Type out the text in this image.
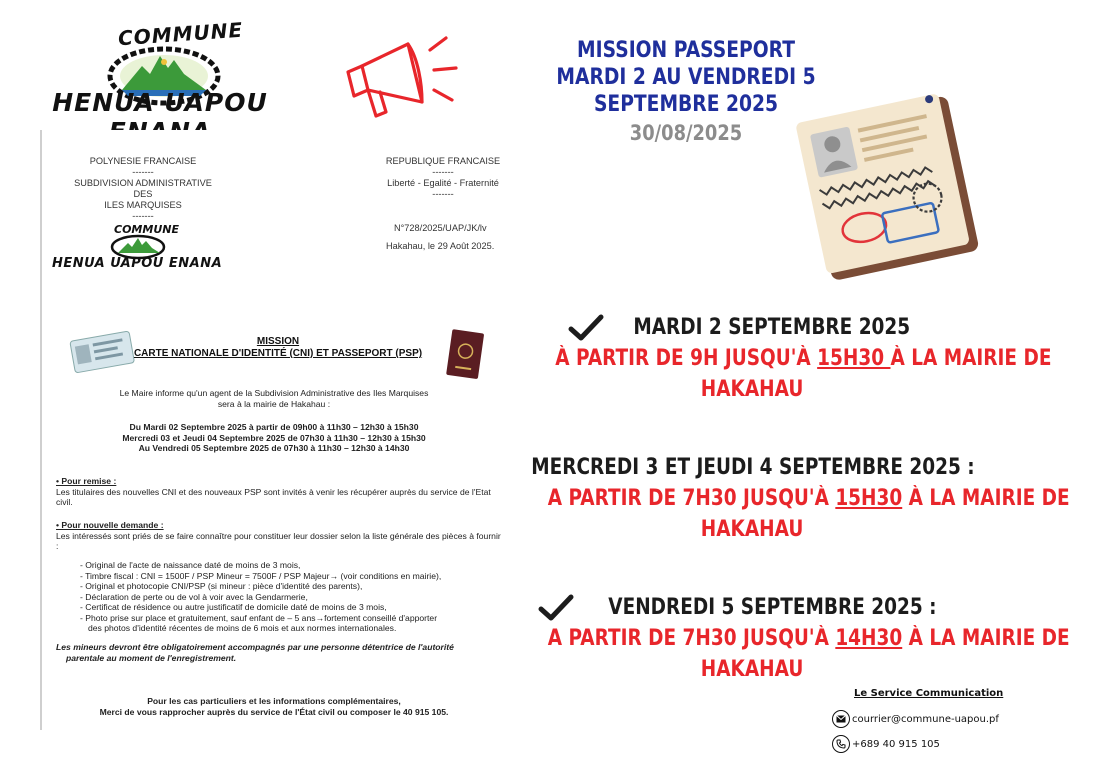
COMMUNE
HENUA UAPOU
MISSION PASSEPORT
MARDI 2 AU VENDREDI 5 SEPTEMBRE 2025
30/08/2025
POLYNESIE FRANCAISE
-------
SUBDIVISION ADMINISTRATIVE
DES
ILES MARQUISES
-------
REPUBLIQUE FRANCAISE
-------
Liberté - Egalité - Fraternité
-------
N°728/2025/UAP/JK/lv
Hakahau, le 29 Août 2025.
COMMUNE
HENUA UAPOU ENANA
MISSION
CARTE NATIONALE D'IDENTITÉ (CNI) ET PASSEPORT (PSP)
Le Maire informe qu'un agent de la Subdivision Administrative des Iles Marquises
sera à la mairie de Hakahau :
Du Mardi 02 Septembre 2025 à partir de 09h00 à 11h30 – 12h30 à 15h30
Mercredi 03 et Jeudi 04 Septembre 2025 de 07h30 à 11h30 – 12h30 à 15h30
Au Vendredi 05 Septembre 2025 de 07h30 à 11h30 – 12h30 à 14h30
• Pour remise :
Les titulaires des nouvelles CNI et des nouveaux PSP sont invités à venir les récupérer auprès du service de l'Etat civil.
• Pour nouvelle demande :
Les intéressés sont priés de se faire connaître pour constituer leur dossier selon la liste générale des pièces à fournir :
- Original de l'acte de naissance daté de moins de 3 mois,
- Timbre fiscal : CNI = 1500F / PSP Mineur = 7500F / PSP Majeur→ (voir conditions en mairie),
- Original et photocopie CNI/PSP (si mineur : pièce d'identité des parents),
- Déclaration de perte ou de vol à voir avec la Gendarmerie,
- Certificat de résidence ou autre justificatif de domicile daté de moins de 3 mois,
- Photo prise sur place et gratuitement, sauf enfant de – 5 ans→fortement conseillé d'apporter
des photos d'identité récentes de moins de 6 mois et aux normes internationales.
Les mineurs devront être obligatoirement accompagnés par une personne détentrice de l'autorité
parentale au moment de l'enregistrement.
Pour les cas particuliers et les informations complémentaires,
Merci de vous rapprocher auprès du service de l'État civil ou composer le 40 915 105.
MARDI 2 SEPTEMBRE 2025
À PARTIR DE 9H JUSQU'À 15H30 À LA MAIRIE DE
HAKAHAU
MERCREDI 3 ET JEUDI 4 SEPTEMBRE 2025 :
A PARTIR DE 7H30 JUSQU'À 15H30 À LA MAIRIE DE
HAKAHAU
VENDREDI 5 SEPTEMBRE 2025 :
A PARTIR DE 7H30 JUSQU'À 14H30 À LA MAIRIE DE
HAKAHAU
Le Service Communication
courrier@commune-uapou.pf
+689 40 915 105
